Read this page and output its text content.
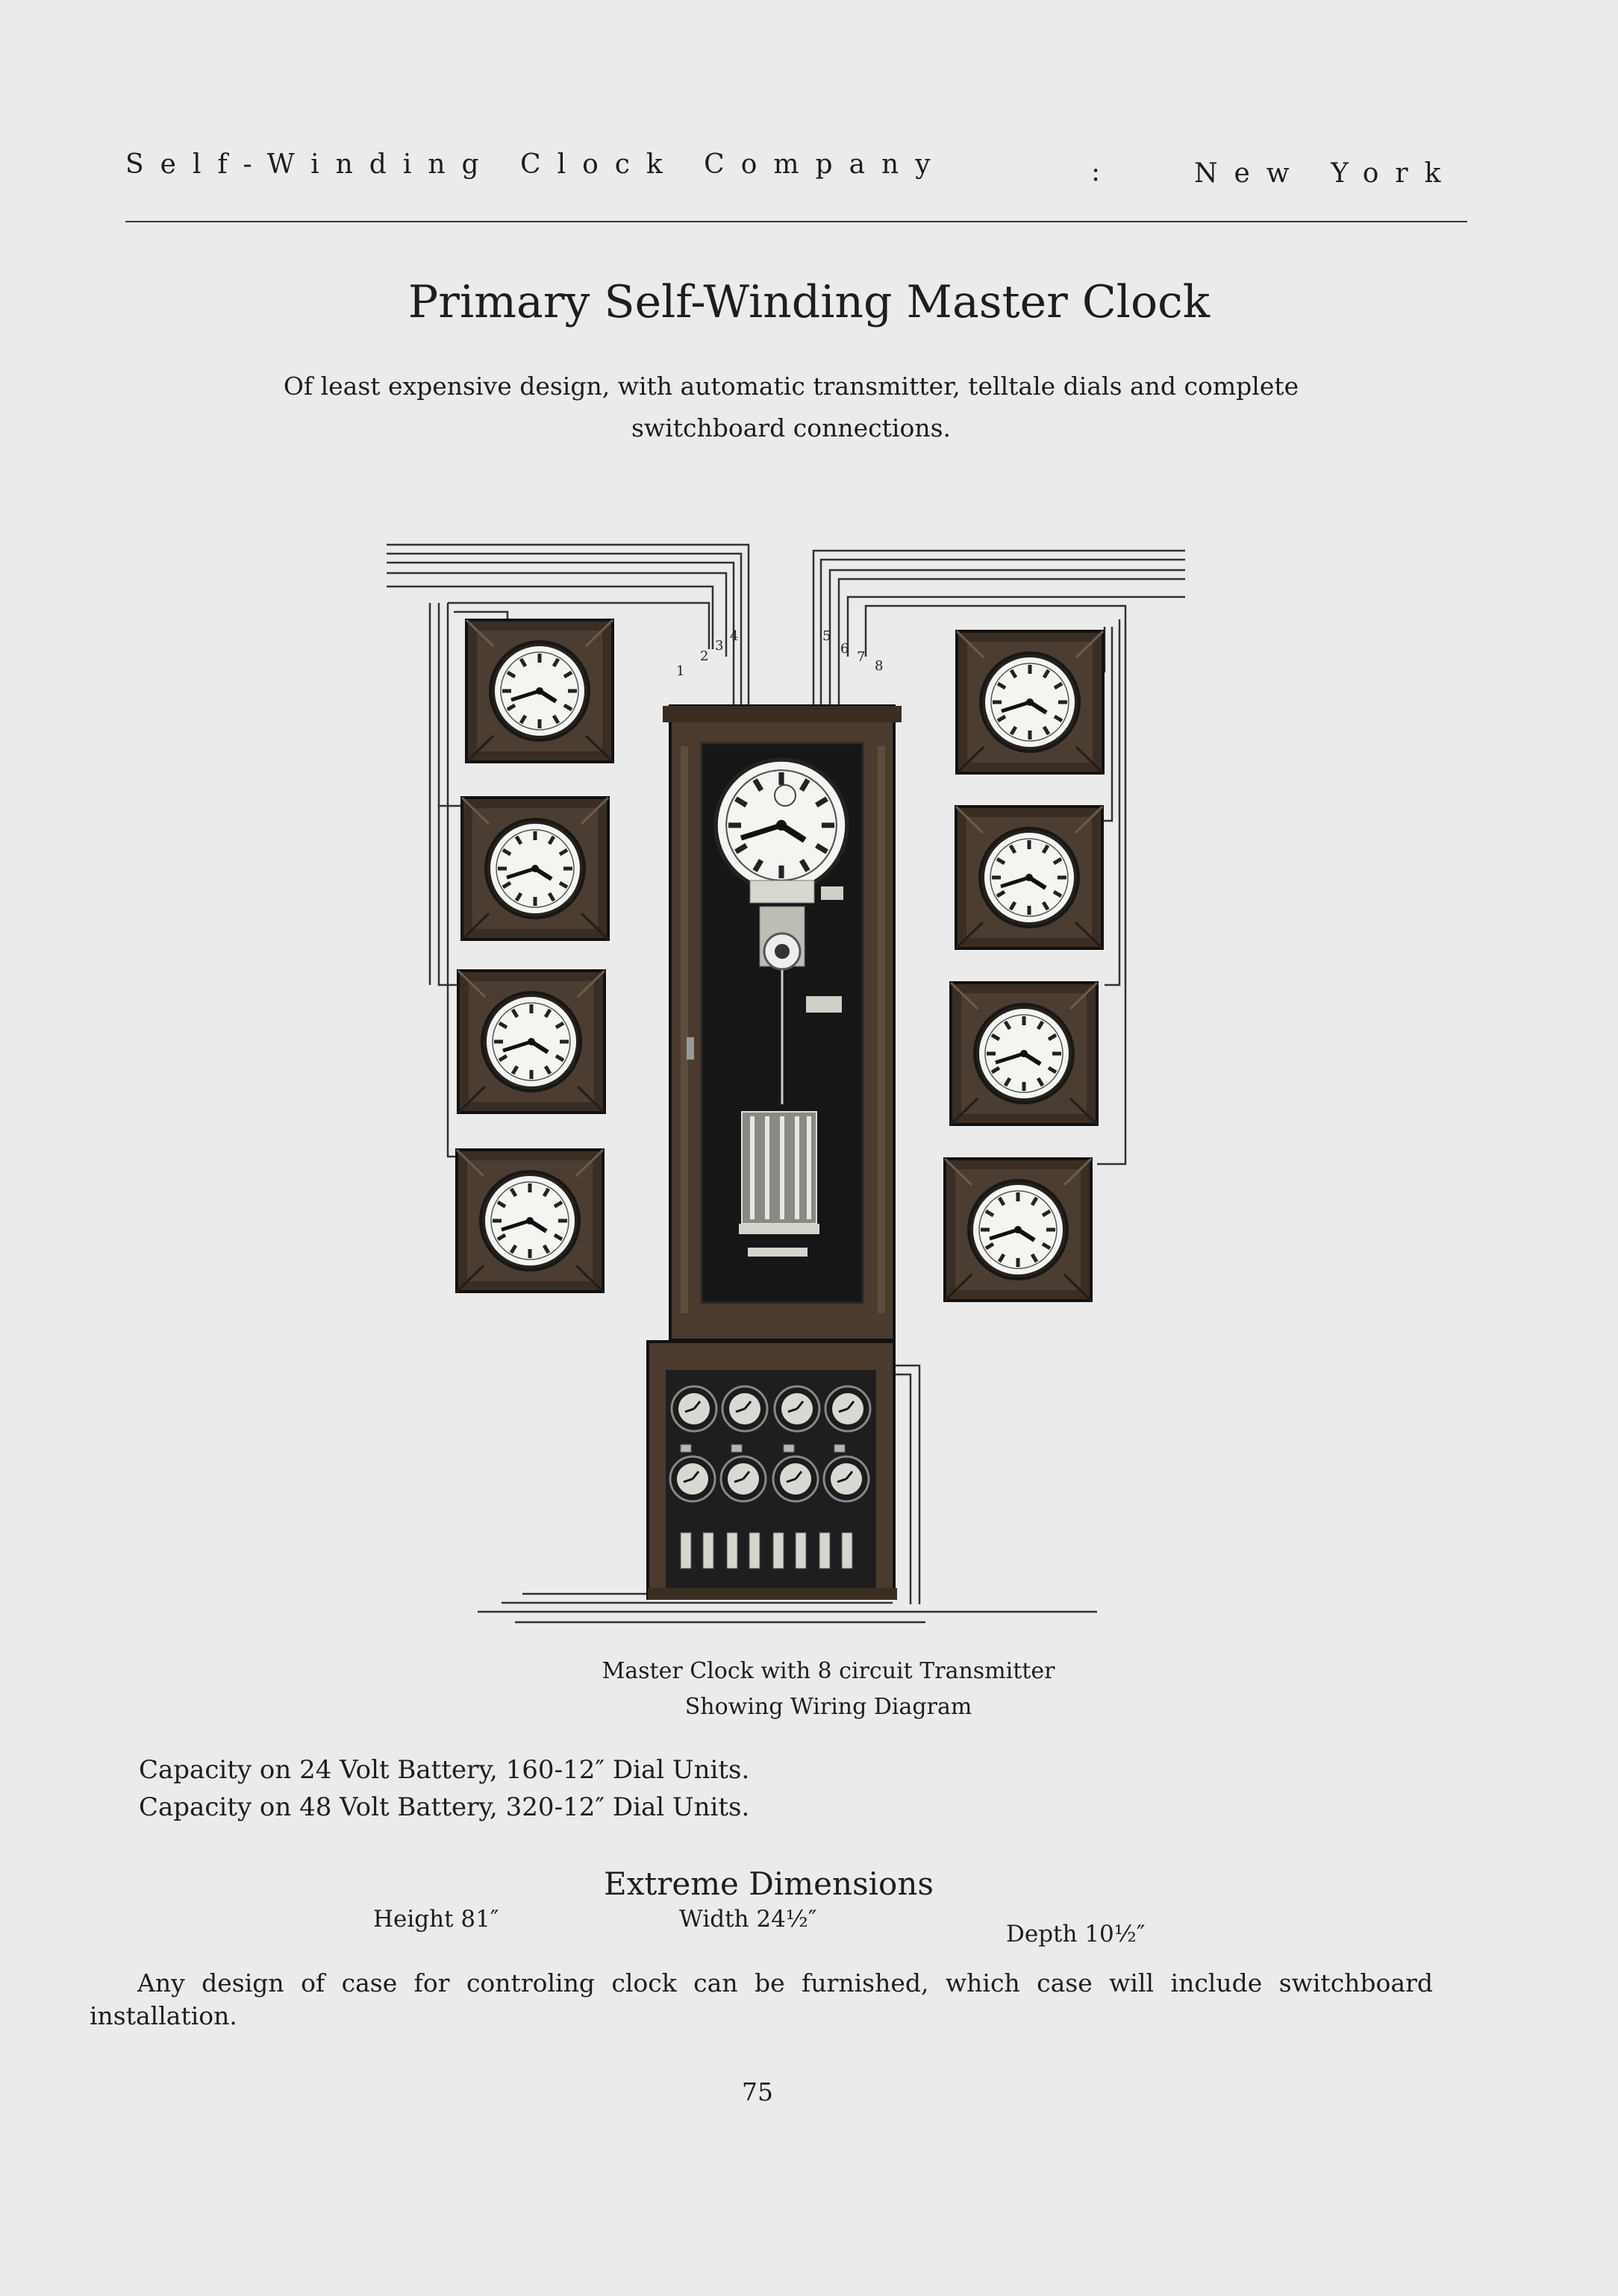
Self-Winding Clock Company	:	New York
Primary Self-Winding Master Clock
Of least expensive design, with automatic transmitter, telltale dials and complete switchboard connections.
1
2
3
4	5
6
7
8
Master Clock with 8 circuit Transmitter
Showing Wiring Diagram
Capacity on 24 Volt Battery, 160-12″ Dial Units.
Capacity on 48 Volt Battery, 320-12″ Dial Units.
Extreme Dimensions
Height 81″	Width 24½″
Depth 10½″
Any design of case for controling clock can be furnished, which case will include switchboard installation.
75
